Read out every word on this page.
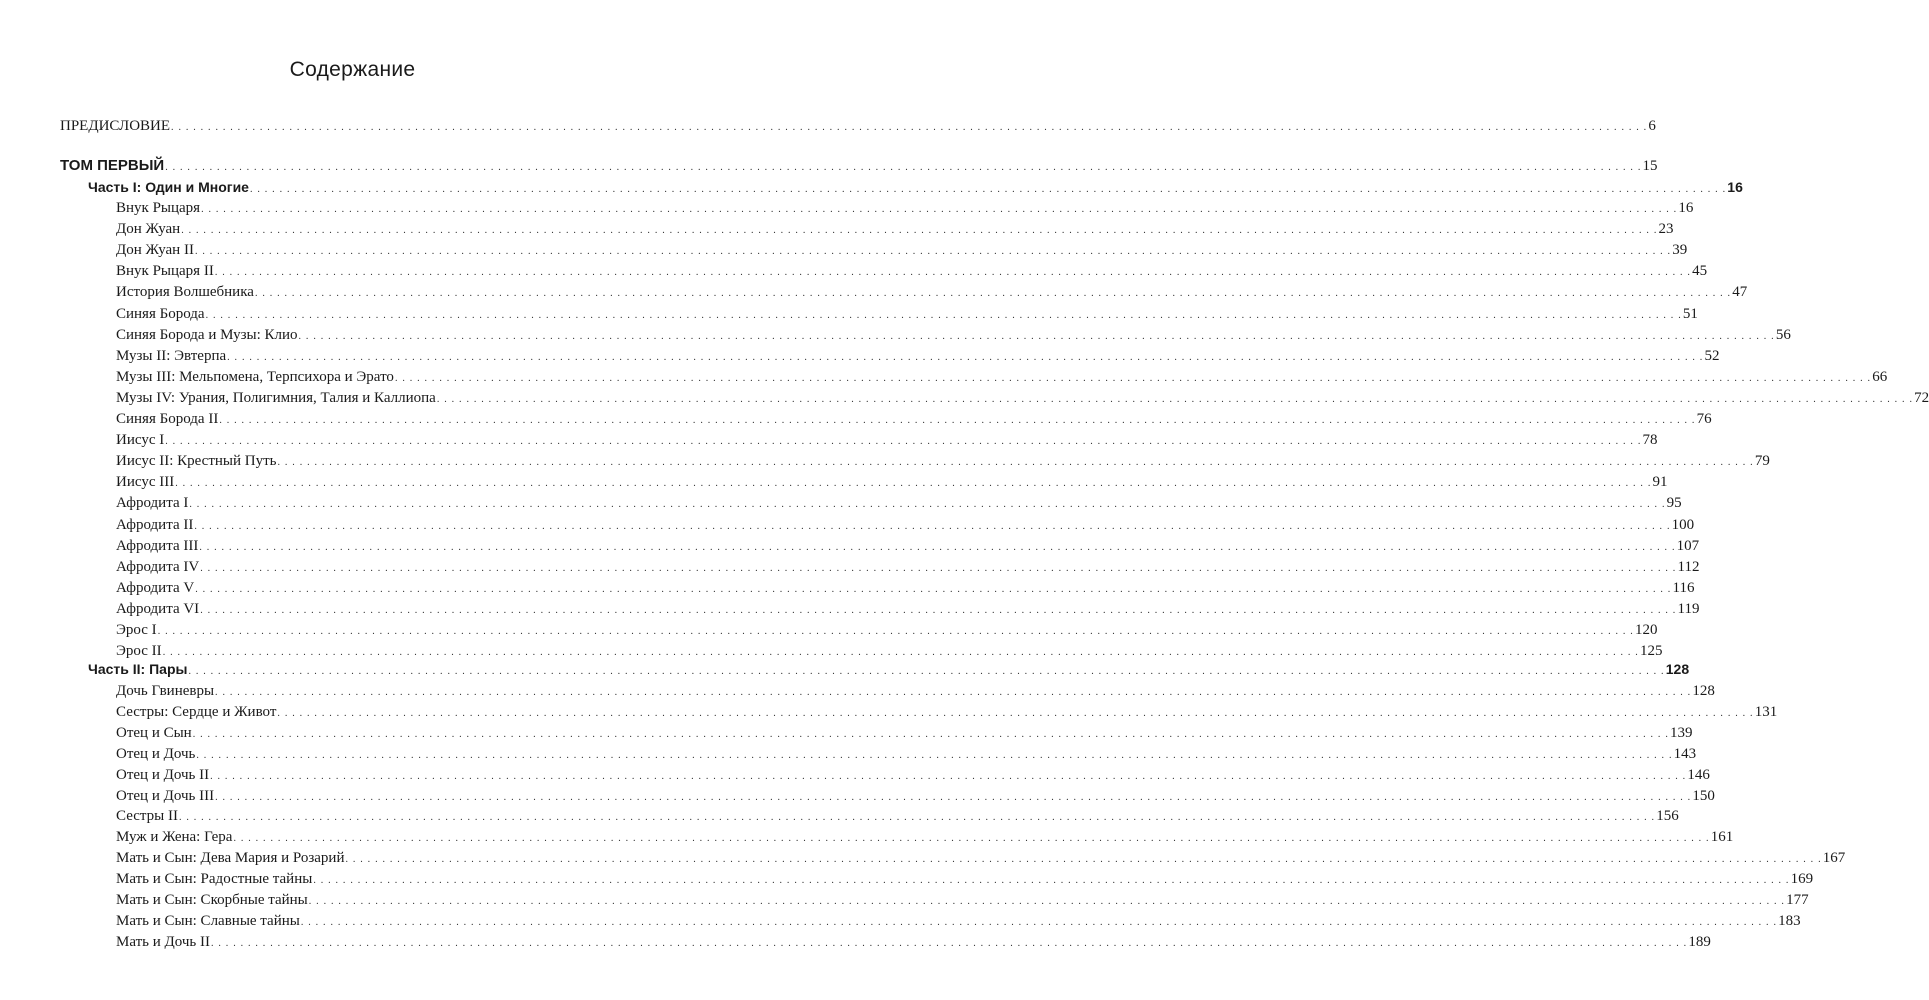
Содержание
ПРЕДИСЛОВИЕ . . . . . . . . . . . . . . . . . . . . . . . . . . . . . . . . . . . . . . . . . . . . . . . . . . . . . . . . . . . . . . . . . . . . . . . . . . . . . . . . . . . . . . . . . . . . . . . . . . . . . . . . . . . . . . . . . . . . . . . . . . . . . . . . . . . . . . . . . . . . . . . . . . . . . . . . . . . . . . . . . . . . . . . . . . . . . . . . . . . . . . . . . . . . . . . . . . . . . . . . 6
ТОМ ПЕРВЫЙ . . . . . . . . . . . . . . . . . . . . . . . . . . . . . . . . . . . . . . . . . . . . . . . . . . . . . . . . . . . . . . . . . . . . . . . . . . . . . . . . . . . . . . . . . . . . . . . . . . . . . . . . . . . . . . . . . . . . . . . . . . . . . . . . . . . . . . . . . . . . . . . . . . . . . . . . . . . . . . . . . . . . . . . . . . . . . . . . . . . . . . . . . . . . . . . . . . . . . . . . 15
Часть I: Один и Многие . . . . . . . . . . . . . . . . . . . . . . . . . . . . . . . . . . . . . . . . . . . . . . . . . . . . . . . . . . . . . . . . . . . . . . . . . . . . . . . . . . . . . . . . . . . . . . . . . . . . . . . . . . . . . . . . . . . . . . . . . . . . . . . . . . . . . . . . . . . . . . . . . . . . . . . . . . . . . . . . . . . . . . . . . . . . . . . . . . . . . . . . . . . . . . . . . . . . . . . . 16
Внук Рыцаря . . . . . . . . . . . . . . . . . . . . . . . . . . . . . . . . . . . . . . . . . . . . . . . . . . . . . . . . . . . . . . . . . . . . . . . . . . . . . . . . . . . . . . . . . . . . . . . . . . . . . . . . . . . . . . . . . . . . . . . . . . . . . . . . . . . . . . . . . . . . . . . . . . . . . . . . . . . . . . . . . . . . . . . . . . . . . . . . . . . . . . . . . . . . . . . . . . . . . . . . 16
Дон Жуан . . . . . . . . . . . . . . . . . . . . . . . . . . . . . . . . . . . . . . . . . . . . . . . . . . . . . . . . . . . . . . . . . . . . . . . . . . . . . . . . . . . . . . . . . . . . . . . . . . . . . . . . . . . . . . . . . . . . . . . . . . . . . . . . . . . . . . . . . . . . . . . . . . . . . . . . . . . . . . . . . . . . . . . . . . . . . . . . . . . . . . . . . . . . . . . . . . . . . . . . 23
Дон Жуан II . . . . . . . . . . . . . . . . . . . . . . . . . . . . . . . . . . . . . . . . . . . . . . . . . . . . . . . . . . . . . . . . . . . . . . . . . . . . . . . . . . . . . . . . . . . . . . . . . . . . . . . . . . . . . . . . . . . . . . . . . . . . . . . . . . . . . . . . . . . . . . . . . . . . . . . . . . . . . . . . . . . . . . . . . . . . . . . . . . . . . . . . . . . . . . . . . . . . . . . . 39
Внук Рыцаря II . . . . . . . . . . . . . . . . . . . . . . . . . . . . . . . . . . . . . . . . . . . . . . . . . . . . . . . . . . . . . . . . . . . . . . . . . . . . . . . . . . . . . . . . . . . . . . . . . . . . . . . . . . . . . . . . . . . . . . . . . . . . . . . . . . . . . . . . . . . . . . . . . . . . . . . . . . . . . . . . . . . . . . . . . . . . . . . . . . . . . . . . . . . . . . . . . . . . . . . . 45
История Волшебника . . . . . . . . . . . . . . . . . . . . . . . . . . . . . . . . . . . . . . . . . . . . . . . . . . . . . . . . . . . . . . . . . . . . . . . . . . . . . . . . . . . . . . . . . . . . . . . . . . . . . . . . . . . . . . . . . . . . . . . . . . . . . . . . . . . . . . . . . . . . . . . . . . . . . . . . . . . . . . . . . . . . . . . . . . . . . . . . . . . . . . . . . . . . . . . . . . . . . . . . 47
Синяя Борода . . . . . . . . . . . . . . . . . . . . . . . . . . . . . . . . . . . . . . . . . . . . . . . . . . . . . . . . . . . . . . . . . . . . . . . . . . . . . . . . . . . . . . . . . . . . . . . . . . . . . . . . . . . . . . . . . . . . . . . . . . . . . . . . . . . . . . . . . . . . . . . . . . . . . . . . . . . . . . . . . . . . . . . . . . . . . . . . . . . . . . . . . . . . . . . . . . . . . . . . 51
Синяя Борода и Музы: Клио . . . . . . . . . . . . . . . . . . . . . . . . . . . . . . . . . . . . . . . . . . . . . . . . . . . . . . . . . . . . . . . . . . . . . . . . . . . . . . . . . . . . . . . . . . . . . . . . . . . . . . . . . . . . . . . . . . . . . . . . . . . . . . . . . . . . . . . . . . . . . . . . . . . . . . . . . . . . . . . . . . . . . . . . . . . . . . . . . . . . . . . . . . . . . . . . . . . . . . . . 56
Музы II: Эвтерпа . . . . . . . . . . . . . . . . . . . . . . . . . . . . . . . . . . . . . . . . . . . . . . . . . . . . . . . . . . . . . . . . . . . . . . . . . . . . . . . . . . . . . . . . . . . . . . . . . . . . . . . . . . . . . . . . . . . . . . . . . . . . . . . . . . . . . . . . . . . . . . . . . . . . . . . . . . . . . . . . . . . . . . . . . . . . . . . . . . . . . . . . . . . . . . . . . . . . . . . . 52
Музы III: Мельпомена, Терпсихора и Эрато . . . . . . . . . . . . . . . . . . . . . . . . . . . . . . . . . . . . . . . . . . . . . . . . . . . . . . . . . . . . . . . . . . . . . . . . . . . . . . . . . . . . . . . . . . . . . . . . . . . . . . . . . . . . . . . . . . . . . . . . . . . . . . . . . . . . . . . . . . . . . . . . . . . . . . . . . . . . . . . . . . . . . . . . . . . . . . . . . . . . . . . . . . . . . . . . . . . . . . . . 66
Музы IV: Урания, Полигимния, Талия и Каллиопа . . . . . . . . . . . . . . . . . . . . . . . . . . . . . . . . . . . . . . . . . . . . . . . . . . . . . . . . . . . . . . . . . . . . . . . . . . . . . . . . . . . . . . . . . . . . . . . . . . . . . . . . . . . . . . . . . . . . . . . . . . . . . . . . . . . . . . . . . . . . . . . . . . . . . . . . . . . . . . . . . . . . . . . . . . . . . . . . . . . . . . . . . . . . . . . . . . . . . . . . 72
Синяя Борода II . . . . . . . . . . . . . . . . . . . . . . . . . . . . . . . . . . . . . . . . . . . . . . . . . . . . . . . . . . . . . . . . . . . . . . . . . . . . . . . . . . . . . . . . . . . . . . . . . . . . . . . . . . . . . . . . . . . . . . . . . . . . . . . . . . . . . . . . . . . . . . . . . . . . . . . . . . . . . . . . . . . . . . . . . . . . . . . . . . . . . . . . . . . . . . . . . . . . . . . . 76
Иисус I . . . . . . . . . . . . . . . . . . . . . . . . . . . . . . . . . . . . . . . . . . . . . . . . . . . . . . . . . . . . . . . . . . . . . . . . . . . . . . . . . . . . . . . . . . . . . . . . . . . . . . . . . . . . . . . . . . . . . . . . . . . . . . . . . . . . . . . . . . . . . . . . . . . . . . . . . . . . . . . . . . . . . . . . . . . . . . . . . . . . . . . . . . . . . . . . . . . . . . . . 78
Иисус II: Крестный Путь . . . . . . . . . . . . . . . . . . . . . . . . . . . . . . . . . . . . . . . . . . . . . . . . . . . . . . . . . . . . . . . . . . . . . . . . . . . . . . . . . . . . . . . . . . . . . . . . . . . . . . . . . . . . . . . . . . . . . . . . . . . . . . . . . . . . . . . . . . . . . . . . . . . . . . . . . . . . . . . . . . . . . . . . . . . . . . . . . . . . . . . . . . . . . . . . . . . . . . . . 79
Иисус III . . . . . . . . . . . . . . . . . . . . . . . . . . . . . . . . . . . . . . . . . . . . . . . . . . . . . . . . . . . . . . . . . . . . . . . . . . . . . . . . . . . . . . . . . . . . . . . . . . . . . . . . . . . . . . . . . . . . . . . . . . . . . . . . . . . . . . . . . . . . . . . . . . . . . . . . . . . . . . . . . . . . . . . . . . . . . . . . . . . . . . . . . . . . . . . . . . . . . . . . 91
Афродита I . . . . . . . . . . . . . . . . . . . . . . . . . . . . . . . . . . . . . . . . . . . . . . . . . . . . . . . . . . . . . . . . . . . . . . . . . . . . . . . . . . . . . . . . . . . . . . . . . . . . . . . . . . . . . . . . . . . . . . . . . . . . . . . . . . . . . . . . . . . . . . . . . . . . . . . . . . . . . . . . . . . . . . . . . . . . . . . . . . . . . . . . . . . . . . . . . . . . . . . . 95
Афродита II . . . . . . . . . . . . . . . . . . . . . . . . . . . . . . . . . . . . . . . . . . . . . . . . . . . . . . . . . . . . . . . . . . . . . . . . . . . . . . . . . . . . . . . . . . . . . . . . . . . . . . . . . . . . . . . . . . . . . . . . . . . . . . . . . . . . . . . . . . . . . . . . . . . . . . . . . . . . . . . . . . . . . . . . . . . . . . . . . . . . . . . . . . . . . . . . . . . . . . . . 100
Афродита III . . . . . . . . . . . . . . . . . . . . . . . . . . . . . . . . . . . . . . . . . . . . . . . . . . . . . . . . . . . . . . . . . . . . . . . . . . . . . . . . . . . . . . . . . . . . . . . . . . . . . . . . . . . . . . . . . . . . . . . . . . . . . . . . . . . . . . . . . . . . . . . . . . . . . . . . . . . . . . . . . . . . . . . . . . . . . . . . . . . . . . . . . . . . . . . . . . . . . . . . 107
Афродита IV . . . . . . . . . . . . . . . . . . . . . . . . . . . . . . . . . . . . . . . . . . . . . . . . . . . . . . . . . . . . . . . . . . . . . . . . . . . . . . . . . . . . . . . . . . . . . . . . . . . . . . . . . . . . . . . . . . . . . . . . . . . . . . . . . . . . . . . . . . . . . . . . . . . . . . . . . . . . . . . . . . . . . . . . . . . . . . . . . . . . . . . . . . . . . . . . . . . . . . . . 112
Афродита V . . . . . . . . . . . . . . . . . . . . . . . . . . . . . . . . . . . . . . . . . . . . . . . . . . . . . . . . . . . . . . . . . . . . . . . . . . . . . . . . . . . . . . . . . . . . . . . . . . . . . . . . . . . . . . . . . . . . . . . . . . . . . . . . . . . . . . . . . . . . . . . . . . . . . . . . . . . . . . . . . . . . . . . . . . . . . . . . . . . . . . . . . . . . . . . . . . . . . . . . 116
Афродита VI . . . . . . . . . . . . . . . . . . . . . . . . . . . . . . . . . . . . . . . . . . . . . . . . . . . . . . . . . . . . . . . . . . . . . . . . . . . . . . . . . . . . . . . . . . . . . . . . . . . . . . . . . . . . . . . . . . . . . . . . . . . . . . . . . . . . . . . . . . . . . . . . . . . . . . . . . . . . . . . . . . . . . . . . . . . . . . . . . . . . . . . . . . . . . . . . . . . . . . . . 119
Эрос I . . . . . . . . . . . . . . . . . . . . . . . . . . . . . . . . . . . . . . . . . . . . . . . . . . . . . . . . . . . . . . . . . . . . . . . . . . . . . . . . . . . . . . . . . . . . . . . . . . . . . . . . . . . . . . . . . . . . . . . . . . . . . . . . . . . . . . . . . . . . . . . . . . . . . . . . . . . . . . . . . . . . . . . . . . . . . . . . . . . . . . . . . . . . . . . . . . . . . . . . 120
Эрос II . . . . . . . . . . . . . . . . . . . . . . . . . . . . . . . . . . . . . . . . . . . . . . . . . . . . . . . . . . . . . . . . . . . . . . . . . . . . . . . . . . . . . . . . . . . . . . . . . . . . . . . . . . . . . . . . . . . . . . . . . . . . . . . . . . . . . . . . . . . . . . . . . . . . . . . . . . . . . . . . . . . . . . . . . . . . . . . . . . . . . . . . . . . . . . . . . . . . . . . . 125
Часть II: Пары . . . . . . . . . . . . . . . . . . . . . . . . . . . . . . . . . . . . . . . . . . . . . . . . . . . . . . . . . . . . . . . . . . . . . . . . . . . . . . . . . . . . . . . . . . . . . . . . . . . . . . . . . . . . . . . . . . . . . . . . . . . . . . . . . . . . . . . . . . . . . . . . . . . . . . . . . . . . . . . . . . . . . . . . . . . . . . . . . . . . . . . . . . . . . . . . . . . . . . . . 128
Дочь Гвиневры . . . . . . . . . . . . . . . . . . . . . . . . . . . . . . . . . . . . . . . . . . . . . . . . . . . . . . . . . . . . . . . . . . . . . . . . . . . . . . . . . . . . . . . . . . . . . . . . . . . . . . . . . . . . . . . . . . . . . . . . . . . . . . . . . . . . . . . . . . . . . . . . . . . . . . . . . . . . . . . . . . . . . . . . . . . . . . . . . . . . . . . . . . . . . . . . . . . . . . . . 128
Сестры: Сердце и Живот . . . . . . . . . . . . . . . . . . . . . . . . . . . . . . . . . . . . . . . . . . . . . . . . . . . . . . . . . . . . . . . . . . . . . . . . . . . . . . . . . . . . . . . . . . . . . . . . . . . . . . . . . . . . . . . . . . . . . . . . . . . . . . . . . . . . . . . . . . . . . . . . . . . . . . . . . . . . . . . . . . . . . . . . . . . . . . . . . . . . . . . . . . . . . . . . . . . . . . . . 131
Отец и Сын . . . . . . . . . . . . . . . . . . . . . . . . . . . . . . . . . . . . . . . . . . . . . . . . . . . . . . . . . . . . . . . . . . . . . . . . . . . . . . . . . . . . . . . . . . . . . . . . . . . . . . . . . . . . . . . . . . . . . . . . . . . . . . . . . . . . . . . . . . . . . . . . . . . . . . . . . . . . . . . . . . . . . . . . . . . . . . . . . . . . . . . . . . . . . . . . . . . . . . . . 139
Отец и Дочь . . . . . . . . . . . . . . . . . . . . . . . . . . . . . . . . . . . . . . . . . . . . . . . . . . . . . . . . . . . . . . . . . . . . . . . . . . . . . . . . . . . . . . . . . . . . . . . . . . . . . . . . . . . . . . . . . . . . . . . . . . . . . . . . . . . . . . . . . . . . . . . . . . . . . . . . . . . . . . . . . . . . . . . . . . . . . . . . . . . . . . . . . . . . . . . . . . . . . . . . 143
Отец и Дочь II . . . . . . . . . . . . . . . . . . . . . . . . . . . . . . . . . . . . . . . . . . . . . . . . . . . . . . . . . . . . . . . . . . . . . . . . . . . . . . . . . . . . . . . . . . . . . . . . . . . . . . . . . . . . . . . . . . . . . . . . . . . . . . . . . . . . . . . . . . . . . . . . . . . . . . . . . . . . . . . . . . . . . . . . . . . . . . . . . . . . . . . . . . . . . . . . . . . . . . . . 146
Отец и Дочь III . . . . . . . . . . . . . . . . . . . . . . . . . . . . . . . . . . . . . . . . . . . . . . . . . . . . . . . . . . . . . . . . . . . . . . . . . . . . . . . . . . . . . . . . . . . . . . . . . . . . . . . . . . . . . . . . . . . . . . . . . . . . . . . . . . . . . . . . . . . . . . . . . . . . . . . . . . . . . . . . . . . . . . . . . . . . . . . . . . . . . . . . . . . . . . . . . . . . . . . . 150
Сестры II . . . . . . . . . . . . . . . . . . . . . . . . . . . . . . . . . . . . . . . . . . . . . . . . . . . . . . . . . . . . . . . . . . . . . . . . . . . . . . . . . . . . . . . . . . . . . . . . . . . . . . . . . . . . . . . . . . . . . . . . . . . . . . . . . . . . . . . . . . . . . . . . . . . . . . . . . . . . . . . . . . . . . . . . . . . . . . . . . . . . . . . . . . . . . . . . . . . . . . . . 156
Муж и Жена: Гера . . . . . . . . . . . . . . . . . . . . . . . . . . . . . . . . . . . . . . . . . . . . . . . . . . . . . . . . . . . . . . . . . . . . . . . . . . . . . . . . . . . . . . . . . . . . . . . . . . . . . . . . . . . . . . . . . . . . . . . . . . . . . . . . . . . . . . . . . . . . . . . . . . . . . . . . . . . . . . . . . . . . . . . . . . . . . . . . . . . . . . . . . . . . . . . . . . . . . . . . 161
Мать и Сын: Дева Мария и Розарий . . . . . . . . . . . . . . . . . . . . . . . . . . . . . . . . . . . . . . . . . . . . . . . . . . . . . . . . . . . . . . . . . . . . . . . . . . . . . . . . . . . . . . . . . . . . . . . . . . . . . . . . . . . . . . . . . . . . . . . . . . . . . . . . . . . . . . . . . . . . . . . . . . . . . . . . . . . . . . . . . . . . . . . . . . . . . . . . . . . . . . . . . . . . . . . . . . . . . . . . 167
Мать и Сын: Радостные тайны . . . . . . . . . . . . . . . . . . . . . . . . . . . . . . . . . . . . . . . . . . . . . . . . . . . . . . . . . . . . . . . . . . . . . . . . . . . . . . . . . . . . . . . . . . . . . . . . . . . . . . . . . . . . . . . . . . . . . . . . . . . . . . . . . . . . . . . . . . . . . . . . . . . . . . . . . . . . . . . . . . . . . . . . . . . . . . . . . . . . . . . . . . . . . . . . . . . . . . . . 169
Мать и Сын: Скорбные тайны . . . . . . . . . . . . . . . . . . . . . . . . . . . . . . . . . . . . . . . . . . . . . . . . . . . . . . . . . . . . . . . . . . . . . . . . . . . . . . . . . . . . . . . . . . . . . . . . . . . . . . . . . . . . . . . . . . . . . . . . . . . . . . . . . . . . . . . . . . . . . . . . . . . . . . . . . . . . . . . . . . . . . . . . . . . . . . . . . . . . . . . . . . . . . . . . . . . . . . . . 177
Мать и Сын: Славные тайны . . . . . . . . . . . . . . . . . . . . . . . . . . . . . . . . . . . . . . . . . . . . . . . . . . . . . . . . . . . . . . . . . . . . . . . . . . . . . . . . . . . . . . . . . . . . . . . . . . . . . . . . . . . . . . . . . . . . . . . . . . . . . . . . . . . . . . . . . . . . . . . . . . . . . . . . . . . . . . . . . . . . . . . . . . . . . . . . . . . . . . . . . . . . . . . . . . . . . . . . 183
Мать и Дочь II . . . . . . . . . . . . . . . . . . . . . . . . . . . . . . . . . . . . . . . . . . . . . . . . . . . . . . . . . . . . . . . . . . . . . . . . . . . . . . . . . . . . . . . . . . . . . . . . . . . . . . . . . . . . . . . . . . . . . . . . . . . . . . . . . . . . . . . . . . . . . . . . . . . . . . . . . . . . . . . . . . . . . . . . . . . . . . . . . . . . . . . . . . . . . . . . . . . . . . . . 189
